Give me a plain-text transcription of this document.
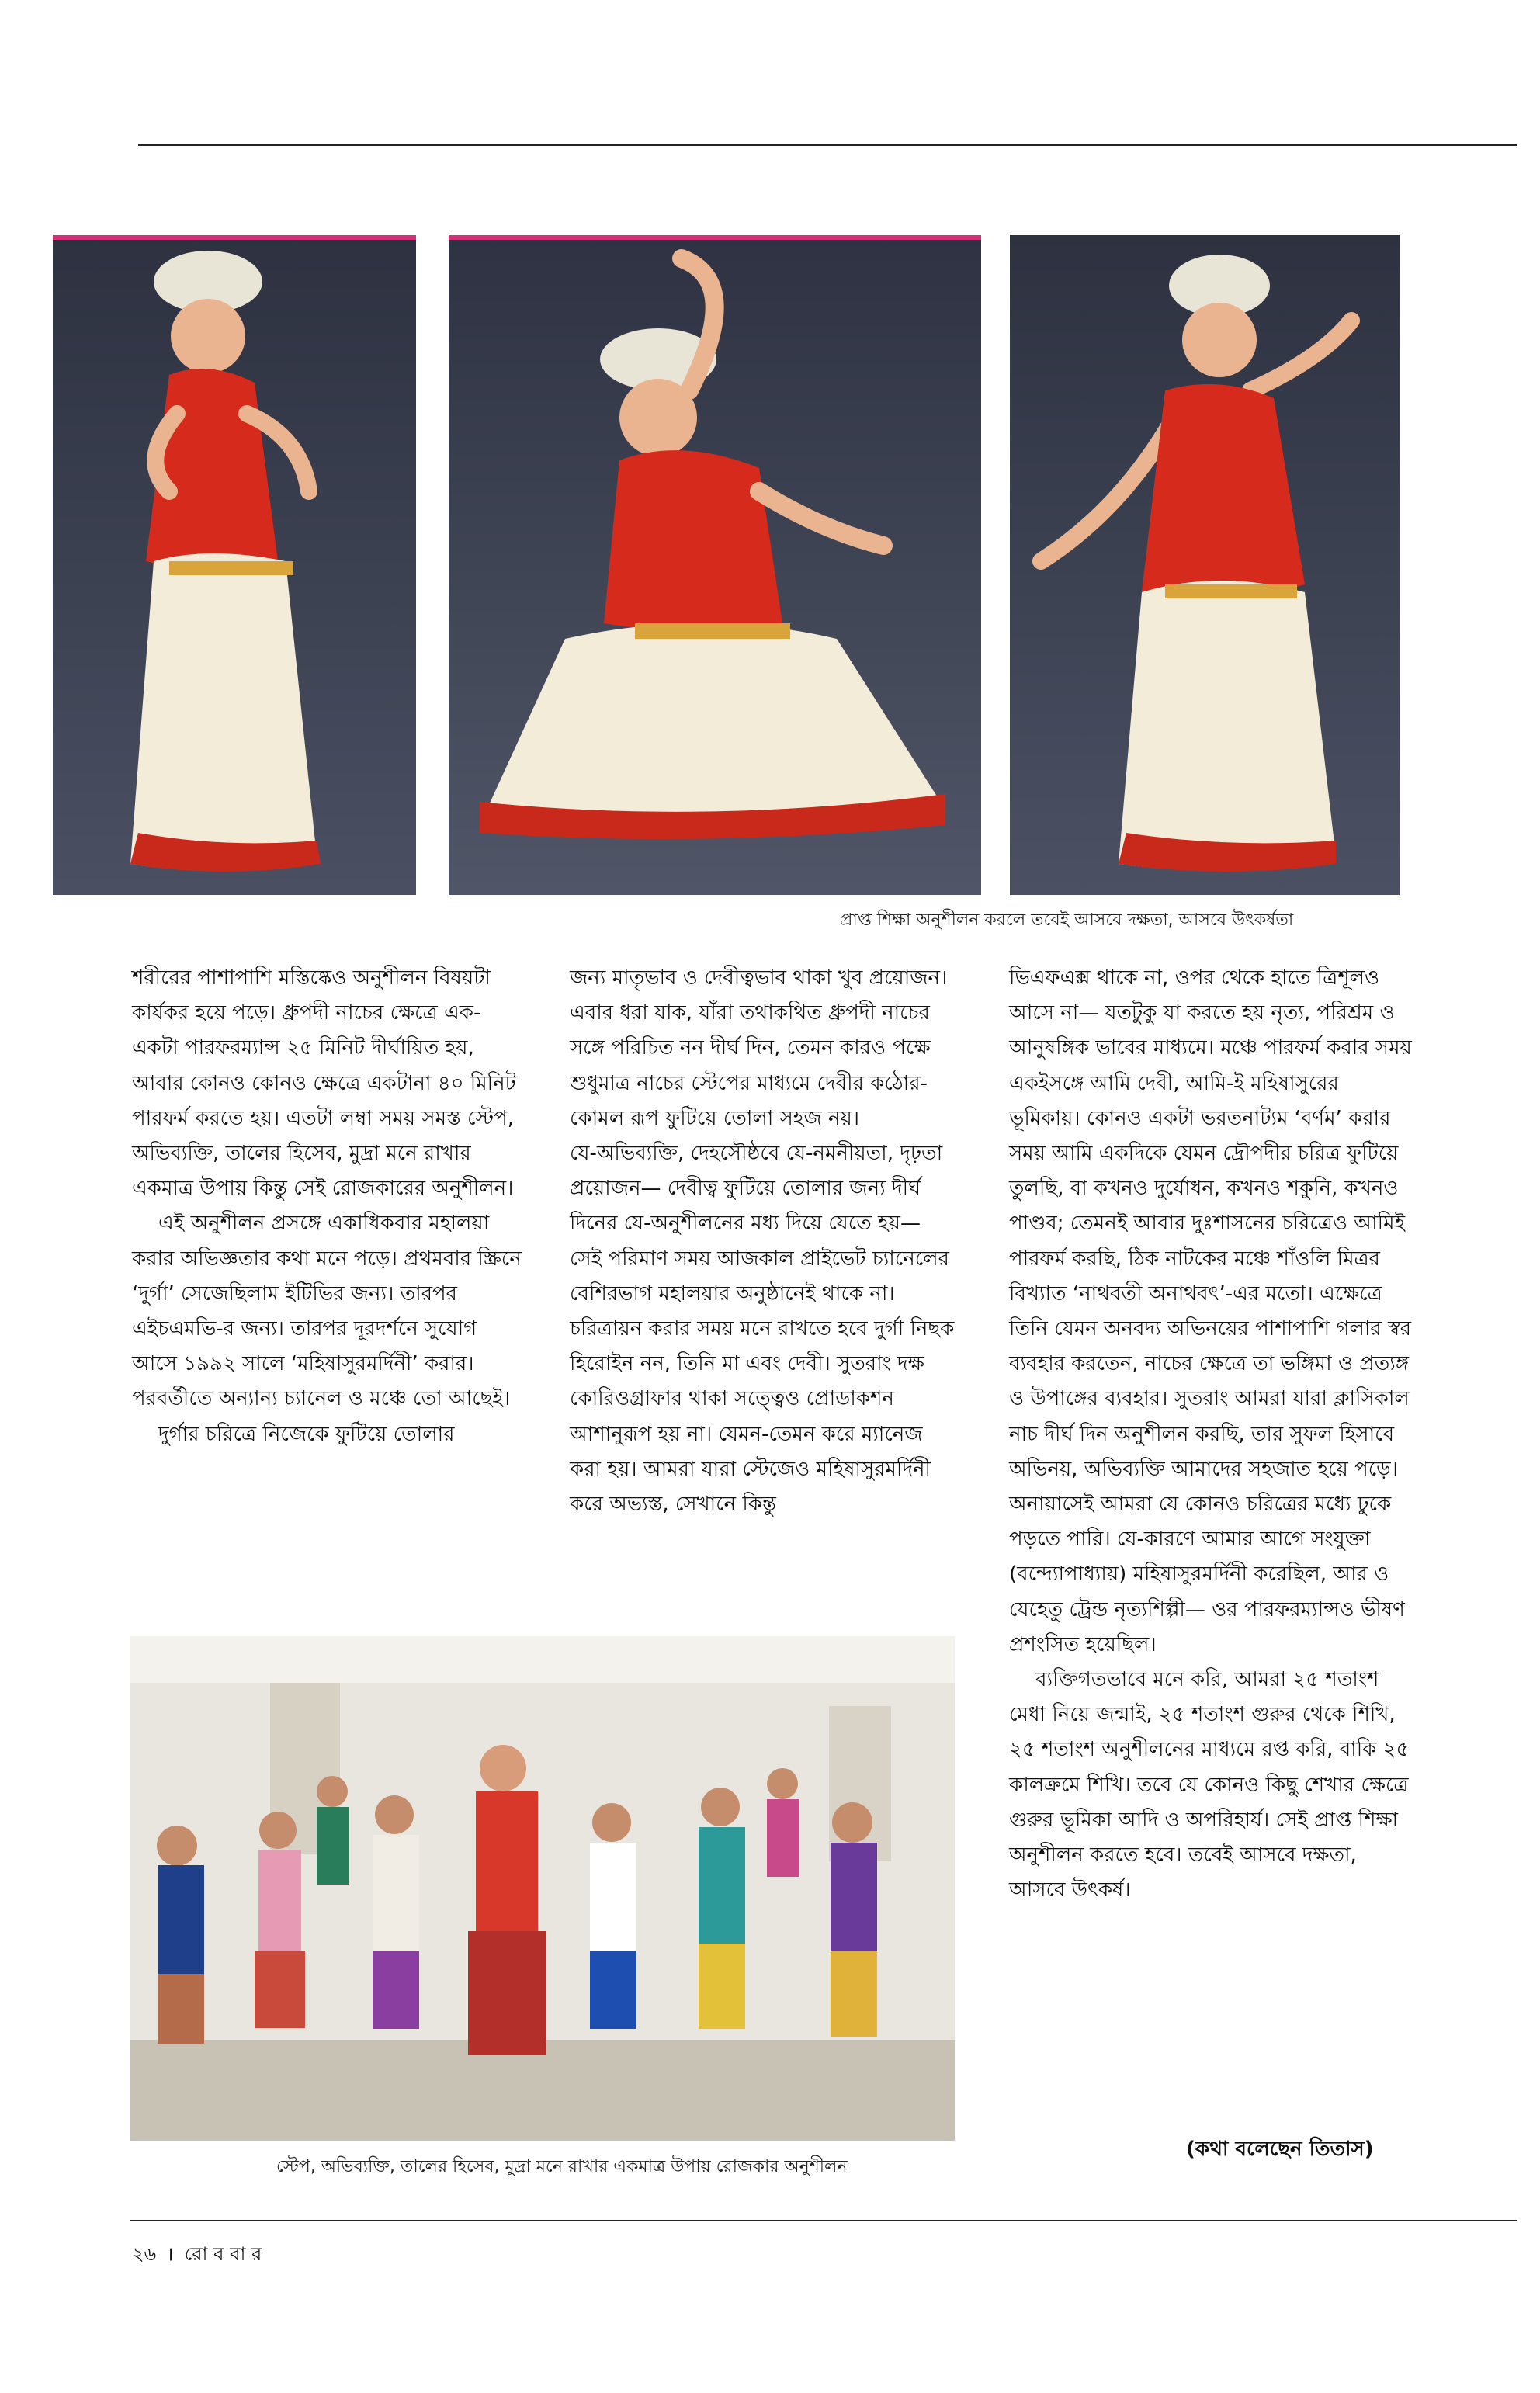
প্রাপ্ত শিক্ষা অনুশীলন করলে তবেই আসবে দক্ষতা, আসবে উৎকর্ষতা

শরীরের পাশাপাশি মস্তিষ্কেও অনুশীলন বিষয়টা কার্যকর হয়ে পড়ে। ধ্রুপদী নাচের ক্ষেত্রে এক-একটা পারফরম্যান্স ২৫ মিনিট দীর্ঘায়িত হয়, আবার কোনও কোনও ক্ষেত্রে একটানা ৪০ মিনিট পারফর্ম করতে হয়। এতটা লম্বা সময় সমস্ত স্টেপ, অভিব্যক্তি, তালের হিসেব, মুদ্রা মনে রাখার একমাত্র উপায় কিন্তু সেই রোজকারের অনুশীলন।

এই অনুশীলন প্রসঙ্গে একাধিকবার মহালয়া করার অভিজ্ঞতার কথা মনে পড়ে। প্রথমবার স্ক্রিনে ‘দুর্গা’ সেজেছিলাম ইটিভির জন্য। তারপর এইচএমভি-র জন্য। তারপর দূরদর্শনে সুযোগ আসে ১৯৯২ সালে ‘মহিষাসুরমর্দিনী’ করার। পরবর্তীতে অন্যান্য চ্যানেল ও মঞ্চে তো আছেই।

দুর্গার চরিত্রে নিজেকে ফুটিয়ে তোলার

জন্য মাতৃভাব ও দেবীত্বভাব থাকা খুব প্রয়োজন। এবার ধরা যাক, যাঁরা তথাকথিত ধ্রুপদী নাচের সঙ্গে পরিচিত নন দীর্ঘ দিন, তেমন কারও পক্ষে শুধুমাত্র নাচের স্টেপের মাধ্যমে দেবীর কঠোর-কোমল রূপ ফুটিয়ে তোলা সহজ নয়।

যে-অভিব্যক্তি, দেহসৌষ্ঠবে যে-নমনীয়তা, দৃঢ়তা প্রয়োজন— দেবীত্ব ফুটিয়ে তোলার জন্য দীর্ঘ দিনের যে-অনুশীলনের মধ্য দিয়ে যেতে হয়— সেই পরিমাণ সময় আজকাল প্রাইভেট চ্যানেলের বেশিরভাগ মহালয়ার অনুষ্ঠানেই থাকে না। চরিত্রায়ন করার সময় মনে রাখতে হবে দুর্গা নিছক হিরোইন নন, তিনি মা এবং দেবী। সুতরাং দক্ষ কোরিওগ্রাফার থাকা সত্ত্বেও প্রোডাকশন আশানুরূপ হয় না। যেমন-তেমন করে ম্যানেজ করা হয়। আমরা যারা স্টেজেও মহিষাসুরমর্দিনী করে অভ্যস্ত, সেখানে কিন্তু

ভিএফএক্স থাকে না, ওপর থেকে হাতে ত্রিশূলও আসে না— যতটুকু যা করতে হয় নৃত্য, পরিশ্রম ও আনুষঙ্গিক ভাবের মাধ্যমে। মঞ্চে পারফর্ম করার সময় একইসঙ্গে আমি দেবী, আমি-ই মহিষাসুরের ভূমিকায়। কোনও একটা ভরতনাট্যম ‘বর্ণম’ করার সময় আমি একদিকে যেমন দ্রৌপদীর চরিত্র ফুটিয়ে তুলছি, বা কখনও দুর্যোধন, কখনও শকুনি, কখনও পাণ্ডব; তেমনই আবার দুঃশাসনের চরিত্রেও আমিই পারফর্ম করছি, ঠিক নাটকের মঞ্চে শাঁওলি মিত্রর বিখ্যাত ‘নাথবতী অনাথবৎ’-এর মতো। এক্ষেত্রে তিনি যেমন অনবদ্য অভিনয়ের পাশাপাশি গলার স্বর ব্যবহার করতেন, নাচের ক্ষেত্রে তা ভঙ্গিমা ও প্রত্যঙ্গ ও উপাঙ্গের ব্যবহার। সুতরাং আমরা যারা ক্লাসিকাল নাচ দীর্ঘ দিন অনুশীলন করছি, তার সুফল হিসাবে অভিনয়, অভিব্যক্তি আমাদের সহজাত হয়ে পড়ে। অনায়াসেই আমরা যে কোনও চরিত্রের মধ্যে ঢুকে পড়তে পারি। যে-কারণে আমার আগে সংযুক্তা (বন্দ্যোপাধ্যায়) মহিষাসুরমর্দিনী করেছিল, আর ও যেহেতু ট্রেন্ড নৃত্যশিল্পী— ওর পারফরম্যান্সও ভীষণ প্রশংসিত হয়েছিল।

ব্যক্তিগতভাবে মনে করি, আমরা ২৫ শতাংশ মেধা নিয়ে জন্মাই, ২৫ শতাংশ গুরুর থেকে শিখি, ২৫ শতাংশ অনুশীলনের মাধ্যমে রপ্ত করি, বাকি ২৫ কালক্রমে শিখি। তবে যে কোনও কিছু শেখার ক্ষেত্রে গুরুর ভূমিকা আদি ও অপরিহার্য। সেই প্রাপ্ত শিক্ষা অনুশীলন করতে হবে। তবেই আসবে দক্ষতা, আসবে উৎকর্ষ।

স্টেপ, অভিব্যক্তি, তালের হিসেব, মুদ্রা মনে রাখার একমাত্র উপায় রোজকার অনুশীলন
(কথা বলেছেন তিতাস)
২৬ । রো ব বা র
